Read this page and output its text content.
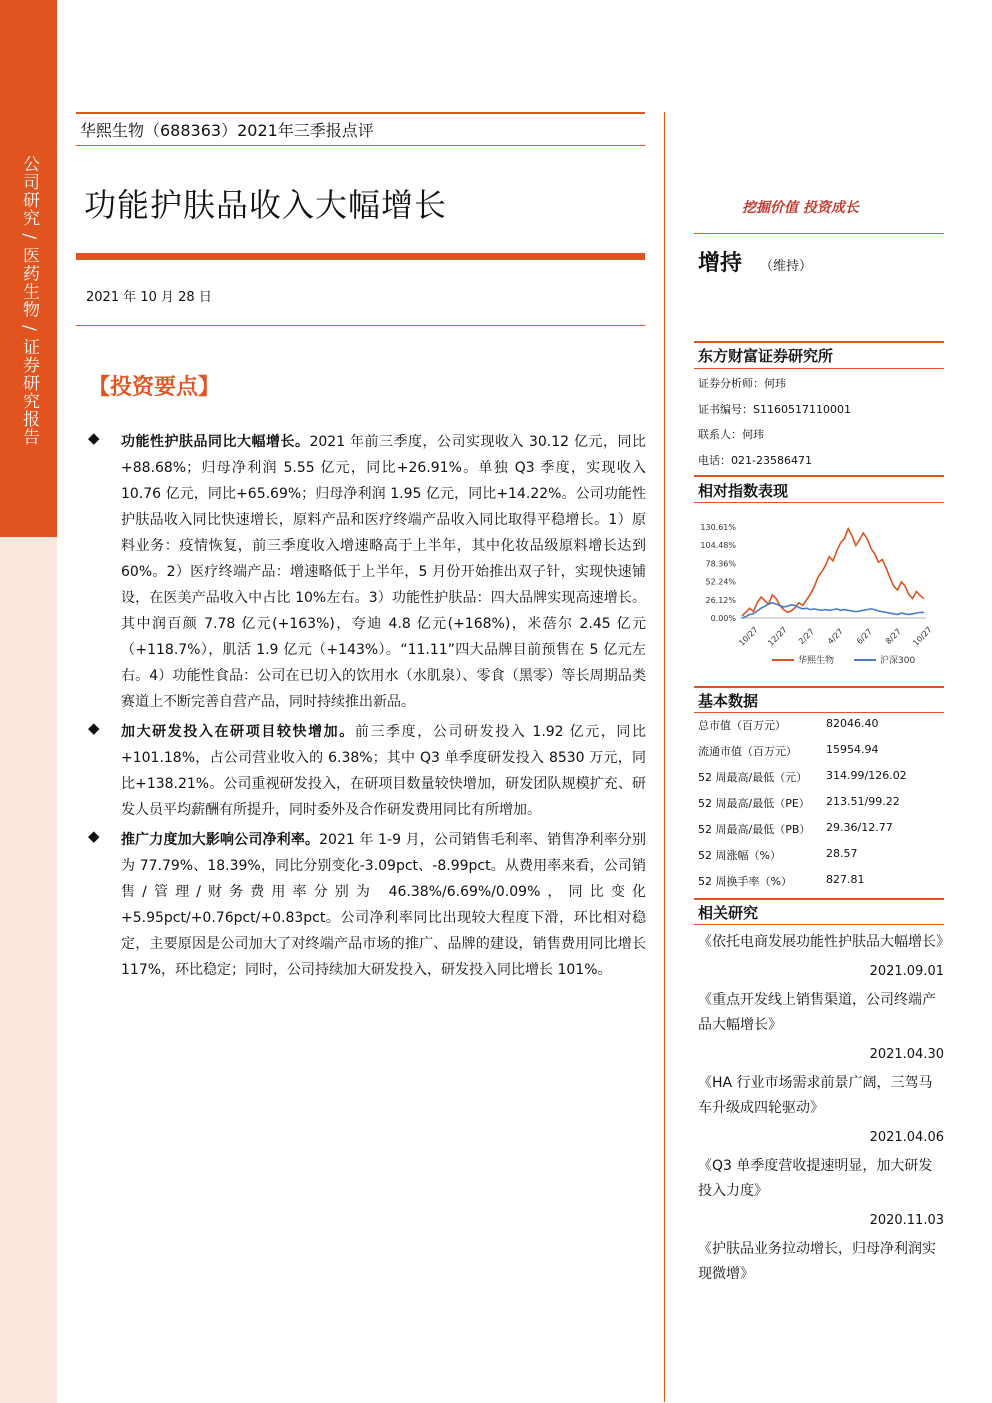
公司研究 / 医药生物 / 证券研究报告
华熙生物（688363）2021年三季报点评
功能护肤品收入大幅增长	挖掘价值 投资成长
2021 年 10 月 28 日
增持 （维持）
东方财富证券研究所
证券分析师：何玮
证书编号：S1160517110001
联系人：何玮
电话：021-23586471
相对指数表现
0.00%
26.12%
52.24%
78.36%
104.48%
130.61%
10/27 12/27 2/27 4/27 6/27 8/27 10/27
华熙生物	沪深300
基本数据
总市值（百万元）	82046.40
流通市值（百万元）	15954.94
52 周最高/最低（元） 314.99/126.02
52 周最高/最低（PE） 213.51/99.22
52 周最高/最低（PB） 29.36/12.77
52 周涨幅（%）	28.57
52 周换手率（%）	827.81
相关研究
《依托电商发展功能性护肤品大幅增长》
2021.09.01
《重点开发线上销售渠道，公司终端产品大幅增长》
2021.04.30
《HA 行业市场需求前景广阔，三驾马车升级成四轮驱动》
2021.04.06
《Q3 单季度营收提速明显，加大研发投入力度》
2020.11.03
《护肤品业务拉动增长，归母净利润实现微增》
【投资要点】
◆ 功能性护肤品同比大幅增长。2021 年前三季度，公司实现收入 30.12 亿元，同比+88.68%；归母净利润 5.55 亿元，同比+26.91%。单独 Q3 季度，实现收入 10.76 亿元，同比+65.69%；归母净利润 1.95 亿元，同比+14.22%。公司功能性护肤品收入同比快速增长，原料产品和医疗终端产品收入同比取得平稳增长。1）原料业务：疫情恢复，前三季度收入增速略高于上半年，其中化妆品级原料增长达到 60%。2）医疗终端产品：增速略低于上半年，5 月份开始推出双子针，实现快速铺设，在医美产品收入中占比 10%左右。3）功能性护肤品：四大品牌实现高速增长。其中润百颜 7.78 亿元(+163%)，夸迪 4.8 亿元(+168%)，米蓓尔 2.45 亿元（+118.7%），肌活 1.9 亿元（+143%）。“11.11”四大品牌目前预售在 5 亿元左右。4）功能性食品：公司在已切入的饮用水（水肌泉）、零食（黑零）等长周期品类赛道上不断完善自营产品，同时持续推出新品。

◆ 加大研发投入在研项目较快增加。前三季度，公司研发投入 1.92 亿元，同比+101.18%，占公司营业收入的 6.38%；其中 Q3 单季度研发投入 8530 万元，同比+138.21%。公司重视研发投入，在研项目数量较快增加，研发团队规模扩充、研发人员平均薪酬有所提升，同时委外及合作研发费用同比有所增加。

◆ 推广力度加大影响公司净利率。2021 年 1-9 月，公司销售毛利率、销售净利率分别为 77.79%、18.39%，同比分别变化-3.09pct、-8.99pct。从费用率来看，公司销售/管理/财务费用率分别为 46.38%/6.69%/0.09%，同比变化+5.95pct/+0.76pct/+0.83pct。公司净利率同比出现较大程度下滑，环比相对稳定，主要原因是公司加大了对终端产品市场的推广、品牌的建设，销售费用同比增长 117%，环比稳定；同时，公司持续加大研发投入，研发投入同比增长 101%。
